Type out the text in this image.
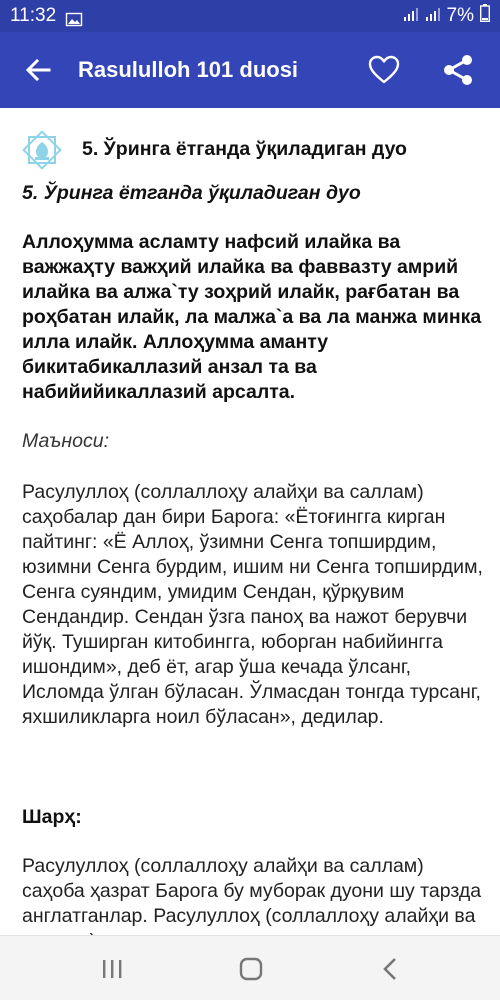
11:32	7%
Rasululloh 101 duosi
5. Ўринга ётганда ўқиладиган дуо
5. Ўринга ётганда ўқиладиган дуо
Аллоҳумма асламту нафсий илайка ва важжаҳту важҳий илайка ва фаввазту амрий илайка ва алжа`ту зоҳрий илайк, рағбатан ва роҳбатан илайк, ла малжа`а ва ла манжа минка илла илайк. Аллоҳумма аманту бикитабикаллазий анзал та ва набийийикаллазий арсалта.
Маъноси:
Расулуллоҳ (соллаллоҳу алайҳи ва саллам) саҳобалар дан бири Барога: «Ётоғингга кирган пайтинг: «Ё Аллоҳ, ўзимни Сенга топширдим, юзимни Сенга бурдим, ишим ни Сенга топширдим, Сенга суяндим, умидим Сендан, қўрқувим Сендандир. Сендан ўзга паноҳ ва нажот берувчи йўқ. Туширган китобингга, юборган набийингга ишондим», деб ёт, агар ўша кечада ўлсанг, Исломда ўлган бўласан. Ўлмасдан тонгда турсанг, яхшиликларга ноил бўласан», дедилар.
Шарҳ:
Расулуллоҳ (соллаллоҳу алайҳи ва саллам) саҳоба ҳазрат Барога бу муборак дуони шу тарзда англатганлар. Расулуллоҳ (соллаллоҳу алайҳи ва
